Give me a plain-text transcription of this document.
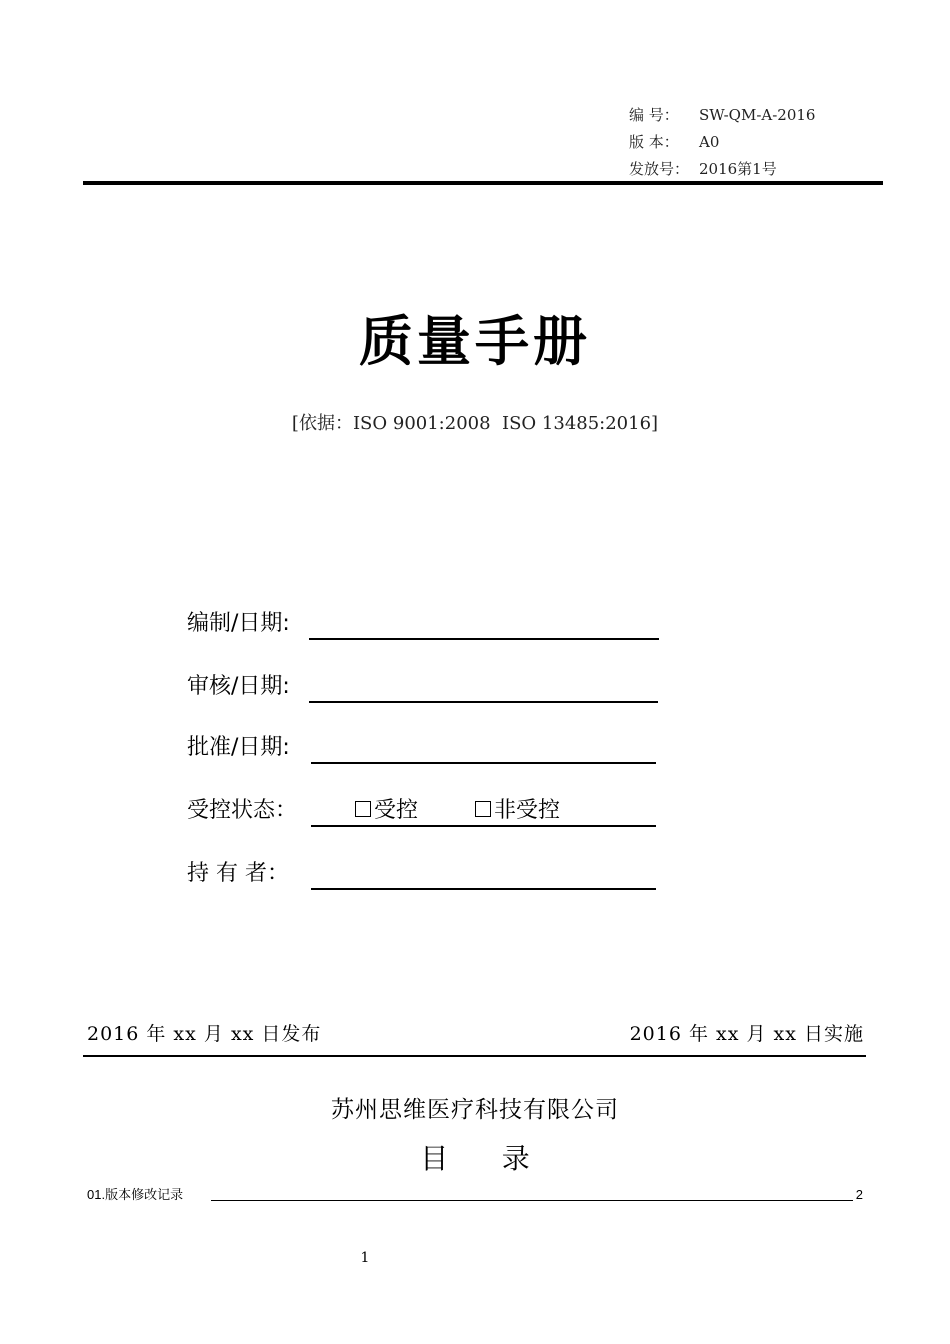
编 号： SW-QM-A-2016
版 本： A0
发放号： 2016第1号
质量手册
[依据：ISO 9001:2008  ISO 13485:2016]
编制/日期:
审核/日期:
批准/日期:
受控状态：	受控	非受控
持 有 者：
2016 年 xx 月 xx 日发布	2016 年 xx 月 xx 日实施
苏州思维医疗科技有限公司
目      录
01.版本修改记录	2
1
